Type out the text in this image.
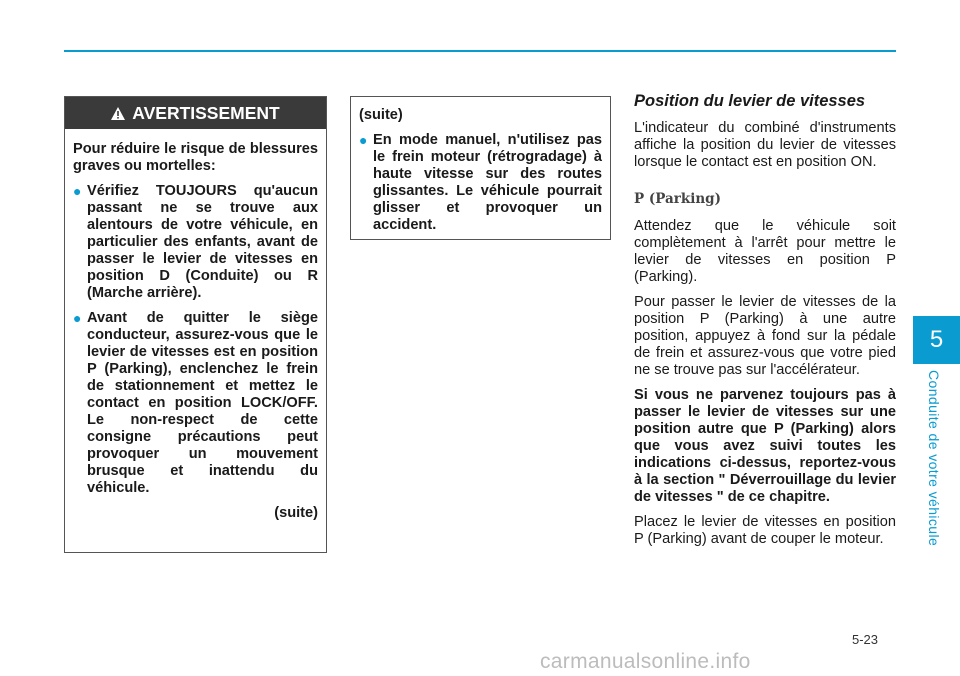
5
Conduite de votre véhicule
AVERTISSEMENT

Pour réduire le risque de blessures graves ou mortelles:

● Vérifiez TOUJOURS qu'aucun passant ne se trouve aux alentours de votre véhicule, en particulier des enfants, avant de passer le levier de vitesses en position D (Conduite) ou R (Marche arrière).
● Avant de quitter le siège conducteur, assurez-vous que le levier de vitesses est en position P (Parking), enclenchez le frein de stationnement et mettez le contact en position LOCK/OFF. Le non-respect de cette consigne précautions peut provoquer un mouvement brusque et inattendu du véhicule.

(suite)

(suite)

● En mode manuel, n'utilisez pas le frein moteur (rétrogradage) à haute vitesse sur des routes glissantes. Le véhicule pourrait glisser et provoquer un accident.

Position du levier de vitesses

L'indicateur du combiné d'instruments affiche la position du levier de vitesses lorsque le contact est en position ON.

P (Parking)

Attendez que le véhicule soit complètement à l'arrêt pour mettre le levier de vitesses en position P (Parking).

Pour passer le levier de vitesses de la position P (Parking) à une autre position, appuyez à fond sur la pédale de frein et assurez-vous que votre pied ne se trouve pas sur l'accélérateur.

Si vous ne parvenez toujours pas à passer le levier de vitesses sur une position autre que P (Parking) alors que vous avez suivi toutes les indications ci-dessus, reportez-vous à la section " Déverrouillage du levier de vitesses " de ce chapitre.

Placez le levier de vitesses en position P (Parking) avant de couper le moteur.

5-23
carmanualsonline.info
